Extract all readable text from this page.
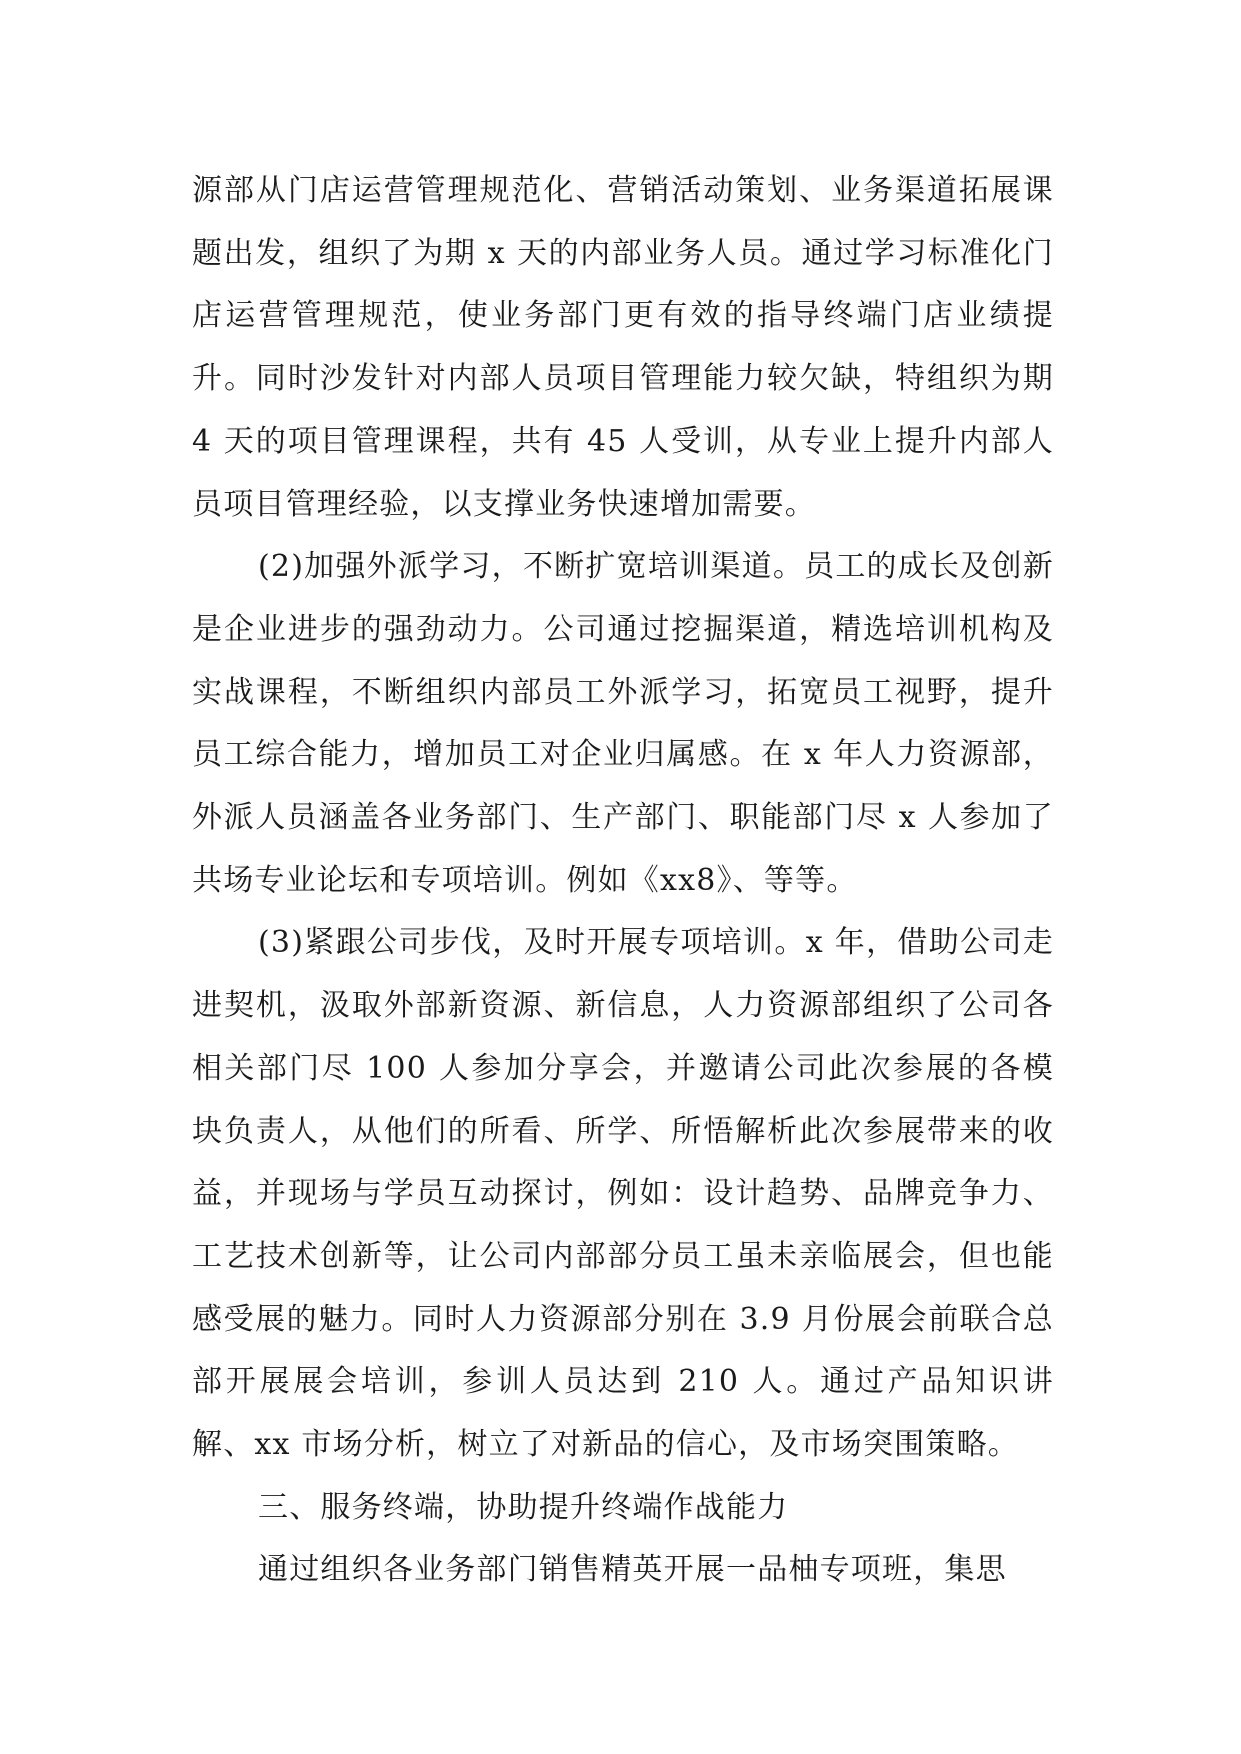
源部从门店运营管理规范化、营销活动策划、业务渠道拓展课题出发，组织了为期 x 天的内部业务人员。通过学习标准化门店运营管理规范，使业务部门更有效的指导终端门店业绩提升。同时沙发针对内部人员项目管理能力较欠缺，特组织为期 4 天的项目管理课程，共有 45 人受训，从专业上提升内部人员项目管理经验，以支撑业务快速增加需要。

(2)加强外派学习，不断扩宽培训渠道。员工的成长及创新是企业进步的强劲动力。公司通过挖掘渠道，精选培训机构及实战课程，不断组织内部员工外派学习，拓宽员工视野，提升员工综合能力，增加员工对企业归属感。在 x 年人力资源部，外派人员涵盖各业务部门、生产部门、职能部门尽 x 人参加了共场专业论坛和专项培训。例如《xx8》、等等。

(3)紧跟公司步伐，及时开展专项培训。x 年，借助公司走进契机，汲取外部新资源、新信息，人力资源部组织了公司各相关部门尽 100 人参加分享会，并邀请公司此次参展的各模块负责人，从他们的所看、所学、所悟解析此次参展带来的收益，并现场与学员互动探讨，例如：设计趋势、品牌竞争力、工艺技术创新等，让公司内部部分员工虽未亲临展会，但也能感受展的魅力。同时人力资源部分别在 3.9 月份展会前联合总部开展展会培训，参训人员达到 210 人。通过产品知识讲解、xx 市场分析，树立了对新品的信心，及市场突围策略。

三、服务终端，协助提升终端作战能力

通过组织各业务部门销售精英开展一品柚专项班，集思
